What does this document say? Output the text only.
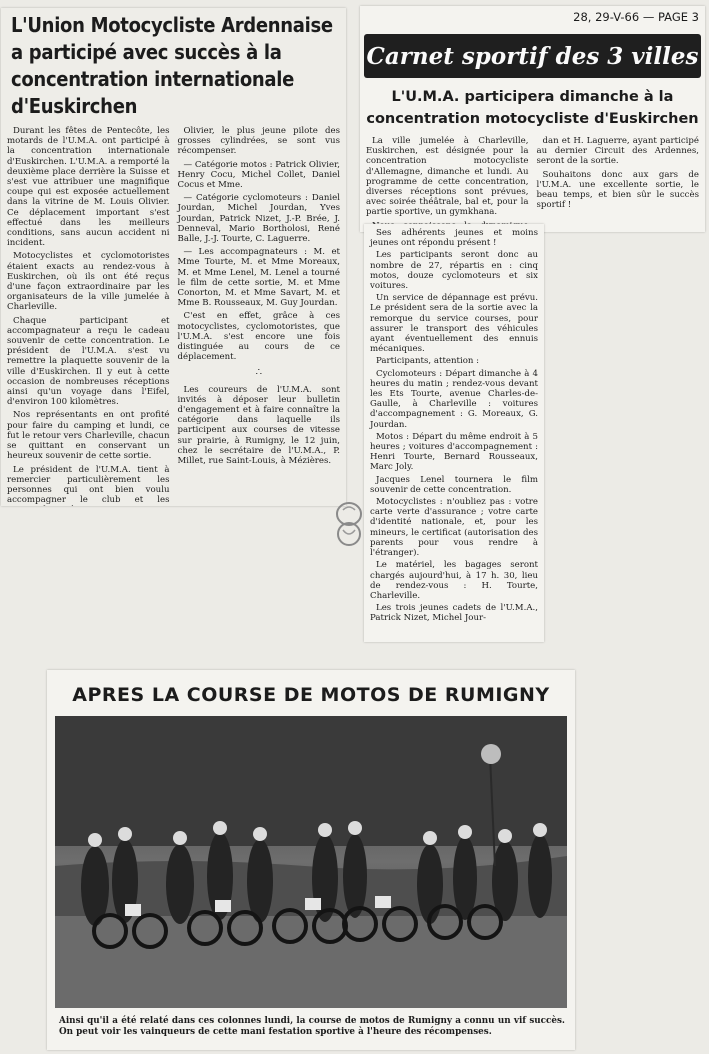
L'Union Motocycliste Ardennaise a participé avec succès à la concentration internationale d'Euskirchen

Durant les fêtes de Pentecôte, les motards de l'U.M.A. ont participé à la concentration internationale d'Euskirchen. L'U.M.A. a remporté la deuxième place derrière la Suisse et s'est vue attribuer une magnifique coupe qui est exposée actuellement dans la vitrine de M. Louis Olivier. Ce déplacement important s'est effectué dans les meilleurs conditions, sans aucun accident ni incident.

Motocyclistes et cyclomotoristes étaient exacts au rendez-vous à Euskirchen, où ils ont été reçus d'une façon extraordinaire par les organisateurs de la ville jumelée à Charleville.

Chaque participant et accompagnateur a reçu le cadeau souvenir de cette concentration. Le président de l'U.M.A. s'est vu remettre la plaquette souvenir de la ville d'Euskirchen. Il y eut à cette occasion de nombreuses réceptions ainsi qu'un voyage dans l'Eifel, d'environ 100 kilomètres.

Nos représentants en ont profité pour faire du camping et lundi, ce fut le retour vers Charleville, chacun se quittant en conservant un heureux souvenir de cette sortie.

Le président de l'U.M.A. tient à remercier particulièrement les personnes qui ont bien voulu accompagner le club et les

Olivier, le plus jeune pilote des grosses cylindrées, se sont vus récompenser.

— Catégorie motos : Patrick Olivier, Henry Cocu, Michel Collet, Daniel Cocus et Mme.

— Catégorie cyclomoteurs : Daniel Jourdan, Michel Jourdan, Yves Jourdan, Patrick Nizet, J.-P. Brée, J. Denneval, Mario Bortholosi, René Balle, J.-J. Tourte, C. Laguerre.

— Les accompagnateurs : M. et Mme Tourte, M. et Mme Moreaux, M. et Mme Lenel, M. Lenel a tourné le film de cette sortie, M. et Mme Conorton, M. et Mme Savart, M. et Mme B. Rousseaux, M. Guy Jourdan.

C'est en effet, grâce à ces motocyclistes, cyclomotoristes, que l'U.M.A. s'est encore une fois distinguée au cours de ce déplacement.

∴

Les coureurs de l'U.M.A. sont invités à déposer leur bulletin d'engagement et à faire connaître la catégorie dans laquelle ils participent aux courses de vitesse sur prairie, à Rumigny, le 12 juin, chez le secrétaire de l'U.M.A., P. Millet, rue Saint-Louis, à Mézières.

28, 29-V-66 — PAGE 3
Carnet sportif des 3 villes
L'U.M.A. participera dimanche à la concentration motocycliste d'Euskirchen

La ville jumelée à Charleville, Euskirchen, est désignée pour la concentration motocycliste d'Allemagne, dimanche et lundi. Au programme de cette concentration, diverses réceptions sont prévues, avec soirée théâtrale, bal et, pour la partie sportive, un gymkhana.

dan et H. Laguerre, ayant participé au dernier Circuit des Ardennes, seront de la sortie.

Souhaitons donc aux gars de l'U.M.A. une excellente sortie, le beau temps, et bien sûr le succès sportif !

Ses adhérents jeunes et moins jeunes ont répondu présent !

Les participants seront donc au nombre de 27, répartis en : cinq motos, douze cyclomoteurs et six voitures.

Un service de dépannage est prévu. Le président sera de la sortie avec la remorque du service courses, pour assurer le transport des véhicules ayant éventuellement des ennuis mécaniques.

Participants, attention :

Cyclomoteurs : Départ dimanche à 4 heures du matin ; rendez-vous devant les Ets Tourte, avenue Charles-de-Gaulle, à Charleville : voitures d'accompagnement : G. Moreaux, G. Jourdan.

Motos : Départ du même endroit à 5 heures ; voitures d'accompagnement : Henri Tourte, Bernard Rousseaux, Marc Joly.

Jacques Lenel tournera le film souvenir de cette concentration.

Motocyclistes : n'oubliez pas : votre carte verte d'assurance ; votre carte d'identité nationale, et, pour les mineurs, le certificat (autorisation des parents pour vous rendre à l'étranger).

Le matériel, les bagages seront chargés aujourd'hui, à 17 h. 30, lieu de rendez-vous : H. Tourte, Charleville.

Les trois jeunes cadets de l'U.M.A., Patrick Nizet, Michel Jour-

APRES LA COURSE DE MOTOS DE RUMIGNY
Ainsi qu'il a été relaté dans ces colonnes lundi, la course de motos de Rumigny a connu un vif succès. On peut voir les vainqueurs de cette mani festation sportive à l'heure des récompenses.
